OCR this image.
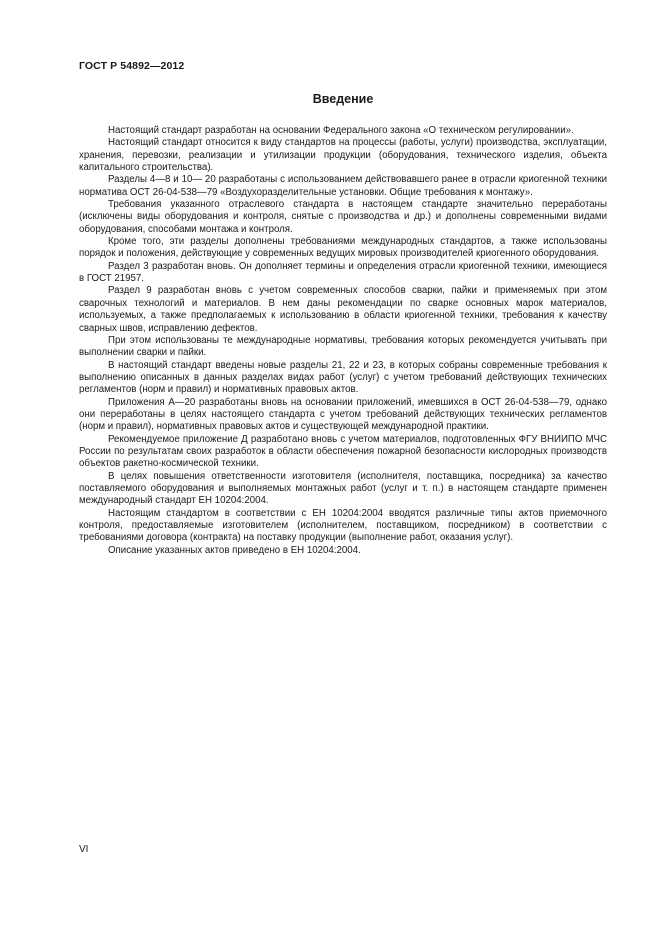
ГОСТ Р 54892—2012
Введение

Настоящий стандарт разработан на основании Федерального закона «О техническом регулировании».

Настоящий стандарт относится к виду стандартов на процессы (работы, услуги) производства, эксплуатации, хранения, перевозки, реализации и утилизации продукции (оборудования, технического изделия, объекта капитального строительства).

Разделы 4—8 и 10— 20 разработаны с использованием действовавшего ранее в отрасли криогенной техники норматива ОСТ 26-04-538—79 «Воздухоразделительные установки. Общие требования к монтажу».

Требования указанного отраслевого стандарта в настоящем стандарте значительно переработаны (исключены виды оборудования и контроля, снятые с производства и др.) и дополнены современными видами оборудования, способами монтажа и контроля.

Кроме того, эти разделы дополнены требованиями международных стандартов, а также использованы порядок и положения, действующие у современных ведущих мировых производителей криогенного оборудования.

Раздел 3 разработан вновь. Он дополняет термины и определения отрасли криогенной техники, имеющиеся в ГОСТ 21957.

Раздел 9 разработан вновь с учетом современных способов сварки, пайки и применяемых при этом сварочных технологий и материалов. В нем даны рекомендации по сварке основных марок материалов, используемых, а также предполагаемых к использованию в области криогенной техники, требования к качеству сварных швов, исправлению дефектов.

При этом использованы те международные нормативы, требования которых рекомендуется учитывать при выполнении сварки и пайки.

В настоящий стандарт введены новые разделы 21, 22 и 23, в которых собраны современные требования к выполнению описанных в данных разделах видах работ (услуг) с учетом требований действующих технических регламентов (норм и правил) и нормативных правовых актов.

Приложения А—20 разработаны вновь на основании приложений, имевшихся в ОСТ 26-04-538—79, однако они переработаны в целях настоящего стандарта с учетом требований действующих технических регламентов (норм и правил), нормативных правовых актов и существующей международной практики.

Рекомендуемое приложение Д разработано вновь с учетом материалов, подготовленных ФГУ ВНИИПО МЧС России по результатам своих разработок в области обеспечения пожарной безопасности кислородных производств объектов ракетно-космической техники.

В целях повышения ответственности изготовителя (исполнителя, поставщика, посредника) за качество поставляемого оборудования и выполняемых монтажных работ (услуг и т. п.) в настоящем стандарте применен международный стандарт ЕН 10204:2004.

Настоящим стандартом в соответствии с ЕН 10204:2004 вводятся различные типы актов приемочного контроля, предоставляемые изготовителем (исполнителем, поставщиком, посредником) в соответствии с требованиями договора (контракта) на поставку продукции (выполнение работ, оказания услуг).

Описание указанных актов приведено в ЕН 10204:2004.

VI
